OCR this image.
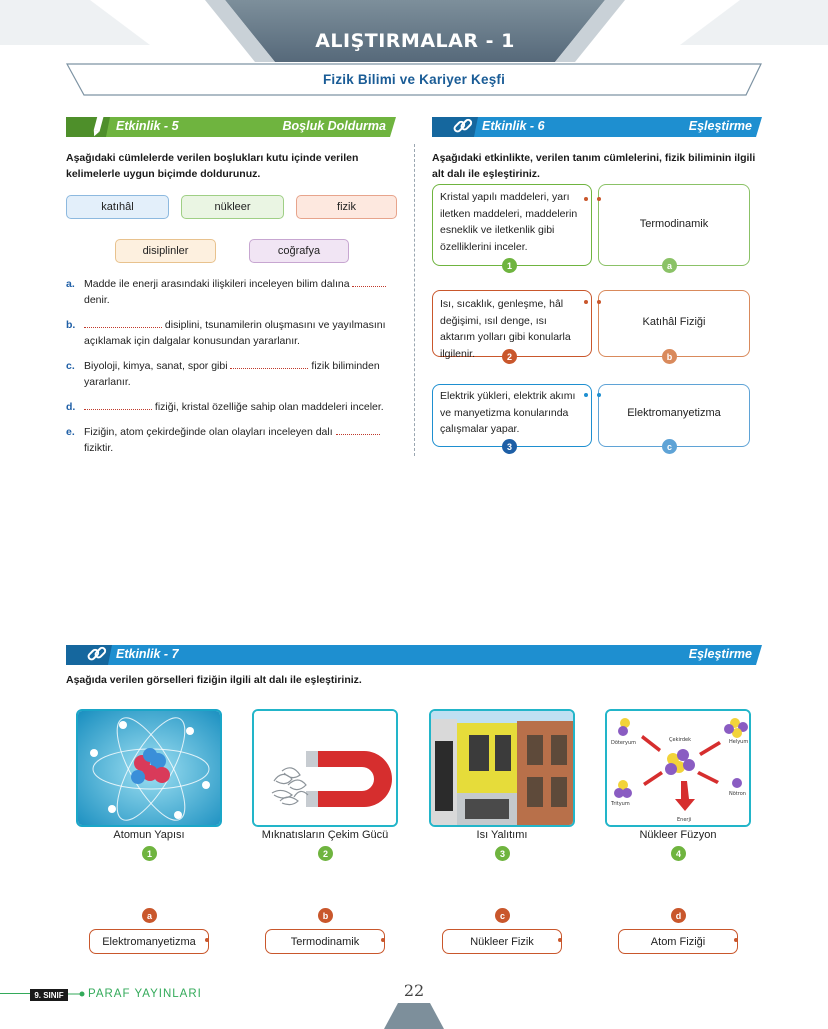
ALIŞTIRMALAR - 1
Fizik Bilimi ve Kariyer Keşfi
Etkinlik - 5	Boşluk Doldurma
Aşağıdaki cümlelerde verilen boşlukları kutu içinde verilen kelimelerle uygun biçimde doldurunuz.
katıhâl	nükleer	fizik
disiplinler	coğrafya
a. Madde ile enerji arasındaki ilişkileri inceleyen bilim dalına
denir.
b.	disiplini, tsunamilerin oluşmasını ve yayılmasını açıklamak için dalgalar konusundan yararlanır.
c. Biyoloji, kimya, sanat, spor gibi	fizik biliminden yararlanır.
d.	fiziği, kristal özelliğe sahip olan maddeleri inceler.
e. Fiziğin, atom çekirdeğinde olan olayları inceleyen dalı
fiziktir.
Etkinlik - 6	Eşleştirme
Aşağıdaki etkinlikte, verilen tanım cümlelerini, fizik biliminin ilgili alt dalı ile eşleştiriniz.
Kristal yapılı maddeleri, yarı iletken maddeleri, maddelerin esneklik ve iletkenlik gibi özelliklerini inceler.
1
Termodinamik
a
Isı, sıcaklık, genleşme, hâl değişimi, ısıl denge, ısı aktarım yolları gibi konularla ilgilenir.	2
Katıhâl Fiziği
b
Elektrik yükleri, elektrik akımı ve manyetizma konularında çalışmalar yapar.
3
Elektromanyetizma
c
Etkinlik - 7	Eşleştirme
Aşağıda verilen görselleri fiziğin ilgili alt dalı ile eşleştiriniz.
Atomun Yapısı
1
Mıknatısların Çekim Gücü
2
Isı Yalıtımı
3
Döteryum	Çekirdek	Helyum
Trityum
Nötron
Enerji
Nükleer Füzyon
4
a
Elektromanyetizma
b
Termodinamik
c
Nükleer Fizik
d
Atom Fiziği
9. SINIF	PARAF YAYINLARI	22
